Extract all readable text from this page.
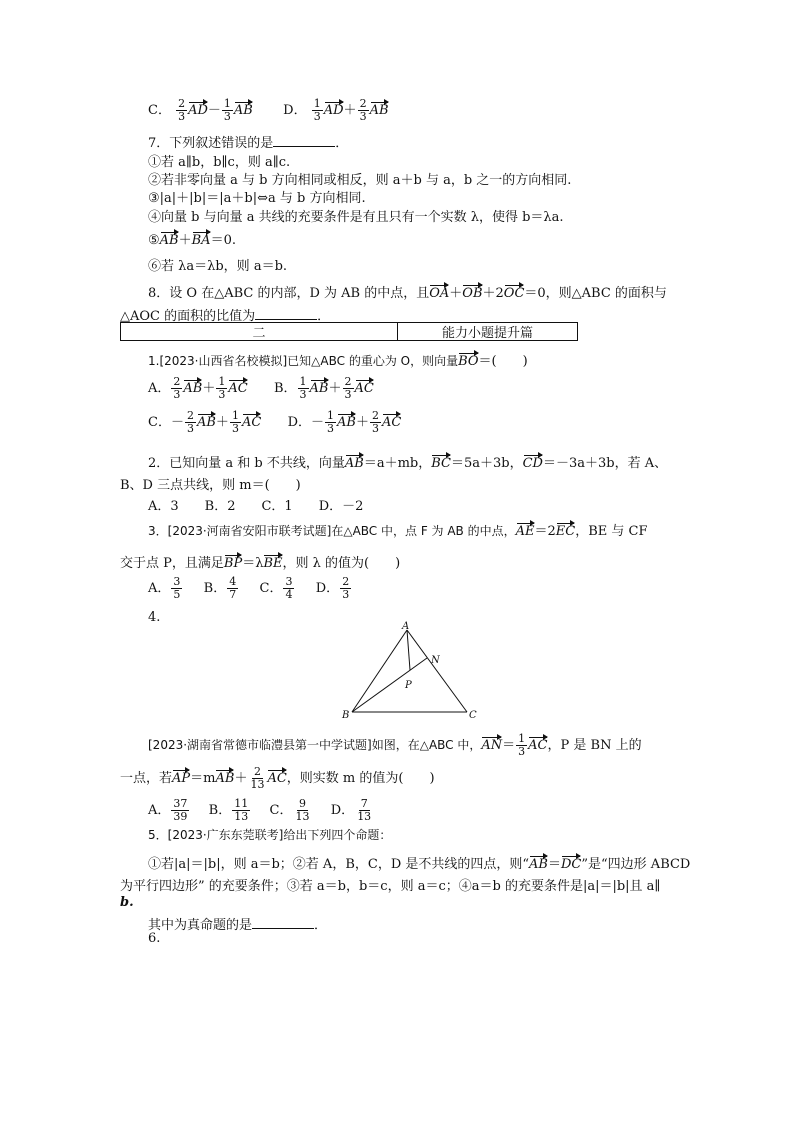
C． $\frac{2}{3} AD- \frac{1}{3}$ AB D． $\frac{1}{3} AD+ \frac{2}{3}$ AB
7．下列叙述错误的是	．
①若 a∥b，b∥c，则 a∥c.
②若非零向量 a 与 b 方向相同或相反，则 a＋b 与 a，b 之一的方向相同.
③|a|＋|b|＝|a＋b|⇔a 与 b 方向相同.
④向量 b 与向量 a 共线的充要条件是有且只有一个实数 λ，使得 b＝λa.
⑤AB＋BA＝0.
⑥若 λa＝λb，则 a＝b.
8．设 O 在△ABC 的内部，D 为 AB 的中点，且OA＋OB＋2OC＝0，则△ABC 的面积与
△AOC 的面积的比值为	．
二	能力小题提升篇
1.[2023·山西省名校模拟]已知△ABC 的重心为 O，则向量BO＝(　　)
A． $\frac{2}{3} AB+ \frac{1}{3}$ AC B． $\frac{1}{3} AB+ \frac{2}{3}$ AC
C．－ $\frac{2}{3} AB+ \frac{1}{3}$ AC D．－ $\frac{1}{3} AB+ \frac{2}{3}$ AC
2．已知向量 a 和 b 不共线，向量AB＝a＋mb，BC＝5a＋3b，CD＝－3a＋3b，若 A、
B、D 三点共线，则 m＝(　　)
A．3　　B．2　　C．1　　D．－2
3．[2023·河南省安阳市联考试题]在△ABC 中，点 F 为 AB 的中点，AE＝2EC，BE 与 CF
交于点 P，且满足BP＝λBE，则 λ 的值为(　　)
A． $\frac{3}{5}$ B． $\frac{4}{7}$ C． $\frac{3}{4}$ D． $\frac{2}{3}$
4.
A
B	C
N
P
[2023·湖南省常德市临澧县第一中学试题]如图，在△ABC 中，$AN= \frac{1}{3}$ AC，P 是 BN 上的
一点，若$AP=mAB+ \frac{2}{13}$ AC，则实数 m 的值为(　　)
A． $\frac{37}{39}$ B． $\frac{11}{13}$ C． $\frac{9}{13}$ D． $\frac{7}{13}$
5．[2023·广东东莞联考]给出下列四个命题：
①若|a|＝|b|，则 a＝b；②若 A，B，C，D 是不共线的四点，则“AB＝DC”是“四边形 ABCD
为平行四边形” 的充要条件；③若 a＝b，b＝c，则 a＝c；④a＝b 的充要条件是|a|＝|b|且 a∥
b.
其中为真命题的是	．
6.
